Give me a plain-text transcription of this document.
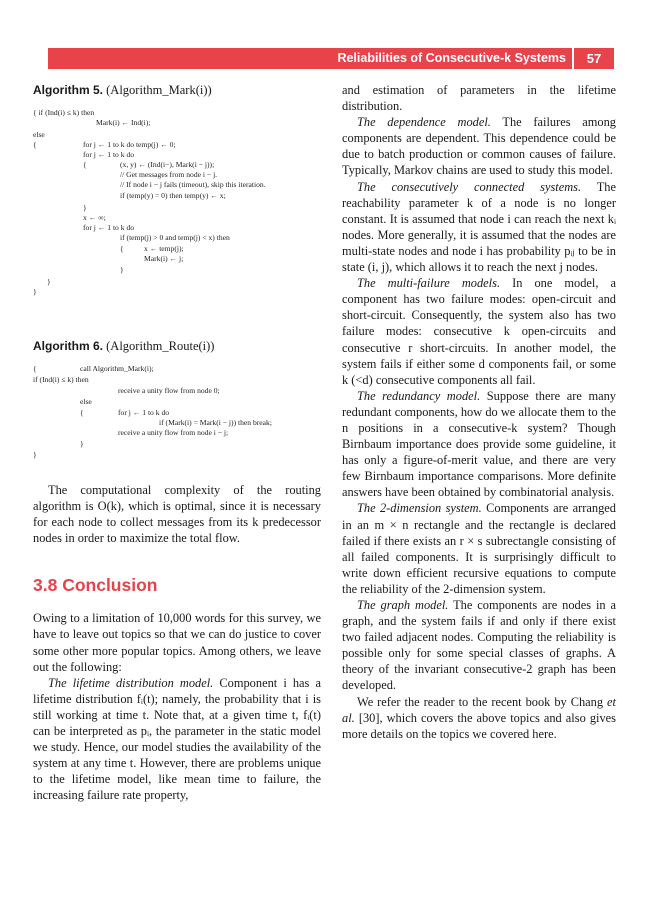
Reliabilities of Consecutive-k Systems	57

Algorithm 5. (Algorithm_Mark(i))

{ if (Ind(i) ≤ k) then
Mark(i) ← Ind(i);
else
{	for j ← 1 to k do temp(j) ← 0;
for j ← 1 to k do
{	(x, y) ← (Ind(i−), Mark(i − j));
// Get messages from node i − j.
// If node i − j fails (timeout), skip this iteration.
if (temp(y) = 0) then temp(y) ← x;
}
x ← ∞;
for j ← 1 to k do
if (temp(j) > 0 and temp(j) < x) then
{	x ← temp(j);
Mark(i) ← j;
}
}
}

Algorithm 6. (Algorithm_Route(i))

{	call Algorithm_Mark(i);
if (Ind(i) ≤ k) then
receive a unity flow from node 0;
else
{	for j ← 1 to k do
if (Mark(i) = Mark(i − j)) then break;
receive a unity flow from node i − j;
}
}

The computational complexity of the routing algorithm is O(k), which is optimal, since it is necessary for each node to collect messages from its k predecessor nodes in order to maximize the total flow.

3.8 Conclusion

Owing to a limitation of 10,000 words for this survey, we have to leave out topics so that we can do justice to cover some other more popular topics. Among others, we leave out the following:

The lifetime distribution model. Component i has a lifetime distribution fᵢ(t); namely, the probability that i is still working at time t. Note that, at a given time t, fᵢ(t) can be interpreted as pᵢ, the parameter in the static model we study. Hence, our model studies the availability of the system at any time t. However, there are problems unique to the lifetime model, like mean time to failure, the increasing failure rate property,

and estimation of parameters in the lifetime distribution.

The dependence model. The failures among components are dependent. This dependence could be due to batch production or common causes of failure. Typically, Markov chains are used to study this model.

The consecutively connected systems. The reachability parameter k of a node is no longer constant. It is assumed that node i can reach the next kᵢ nodes. More generally, it is assumed that the nodes are multi-state nodes and node i has probability pᵢⱼ to be in state (i, j), which allows it to reach the next j nodes.

The multi-failure models. In one model, a component has two failure modes: open-circuit and short-circuit. Consequently, the system also has two failure modes: consecutive k open-circuits and consecutive r short-circuits. In another model, the system fails if either some d components fail, or some k (<d) consecutive components all fail.

The redundancy model. Suppose there are many redundant components, how do we allocate them to the n positions in a consecutive-k system? Though Birnbaum importance does provide some guideline, it has only a figure-of-merit value, and there are very few Birnbaum importance comparisons. More definite answers have been obtained by combinatorial analysis.

The 2-dimension system. Components are arranged in an m × n rectangle and the rectangle is declared failed if there exists an r × s subrectangle consisting of all failed components. It is surprisingly difficult to write down efficient recursive equations to compute the reliability of the 2-dimension system.

The graph model. The components are nodes in a graph, and the system fails if and only if there exist two failed adjacent nodes. Computing the reliability is possible only for some special classes of graphs. A theory of the invariant consecutive-2 graph has been developed.

We refer the reader to the recent book by Chang et al. [30], which covers the above topics and also gives more details on the topics we covered here.
